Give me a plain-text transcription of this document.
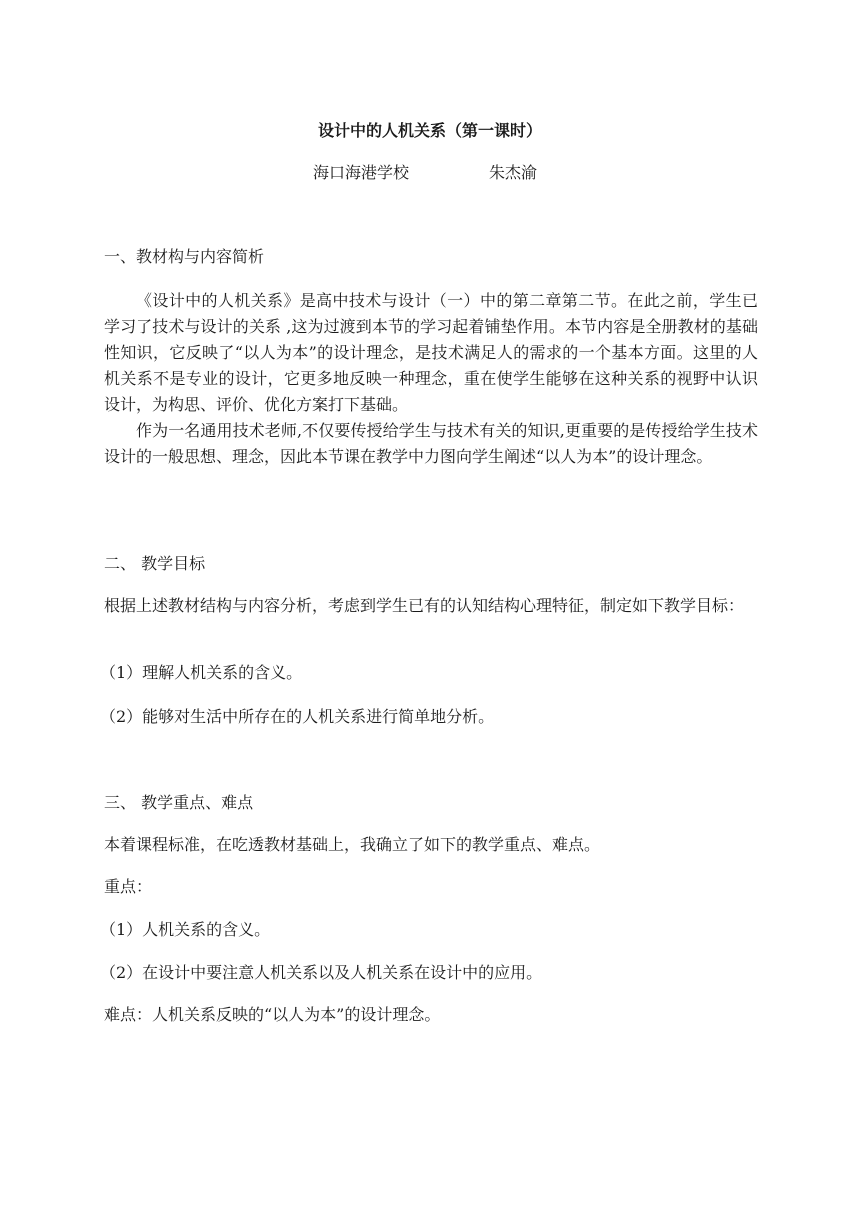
设计中的人机关系（第一课时）
海口海港学校	朱杰渝
一、教材构与内容简析

《设计中的人机关系》是高中技术与设计（一）中的第二章第二节。在此之前，学生已学习了技术与设计的关系 ,这为过渡到本节的学习起着铺垫作用。本节内容是全册教材的基础性知识，它反映了“以人为本”的设计理念，是技术满足人的需求的一个基本方面。这里的人机关系不是专业的设计，它更多地反映一种理念，重在使学生能够在这种关系的视野中认识设计，为构思、评价、优化方案打下基础。

作为一名通用技术老师,不仅要传授给学生与技术有关的知识,更重要的是传授给学生技术设计的一般思想、理念，因此本节课在教学中力图向学生阐述“以人为本”的设计理念。

二、 教学目标

根据上述教材结构与内容分析，考虑到学生已有的认知结构心理特征，制定如下教学目标：

（1）理解人机关系的含义。
（2）能够对生活中所存在的人机关系进行简单地分析。
三、 教学重点、难点
本着课程标准，在吃透教材基础上，我确立了如下的教学重点、难点。
重点：
（1）人机关系的含义。
（2）在设计中要注意人机关系以及人机关系在设计中的应用。
难点：人机关系反映的“以人为本”的设计理念。
